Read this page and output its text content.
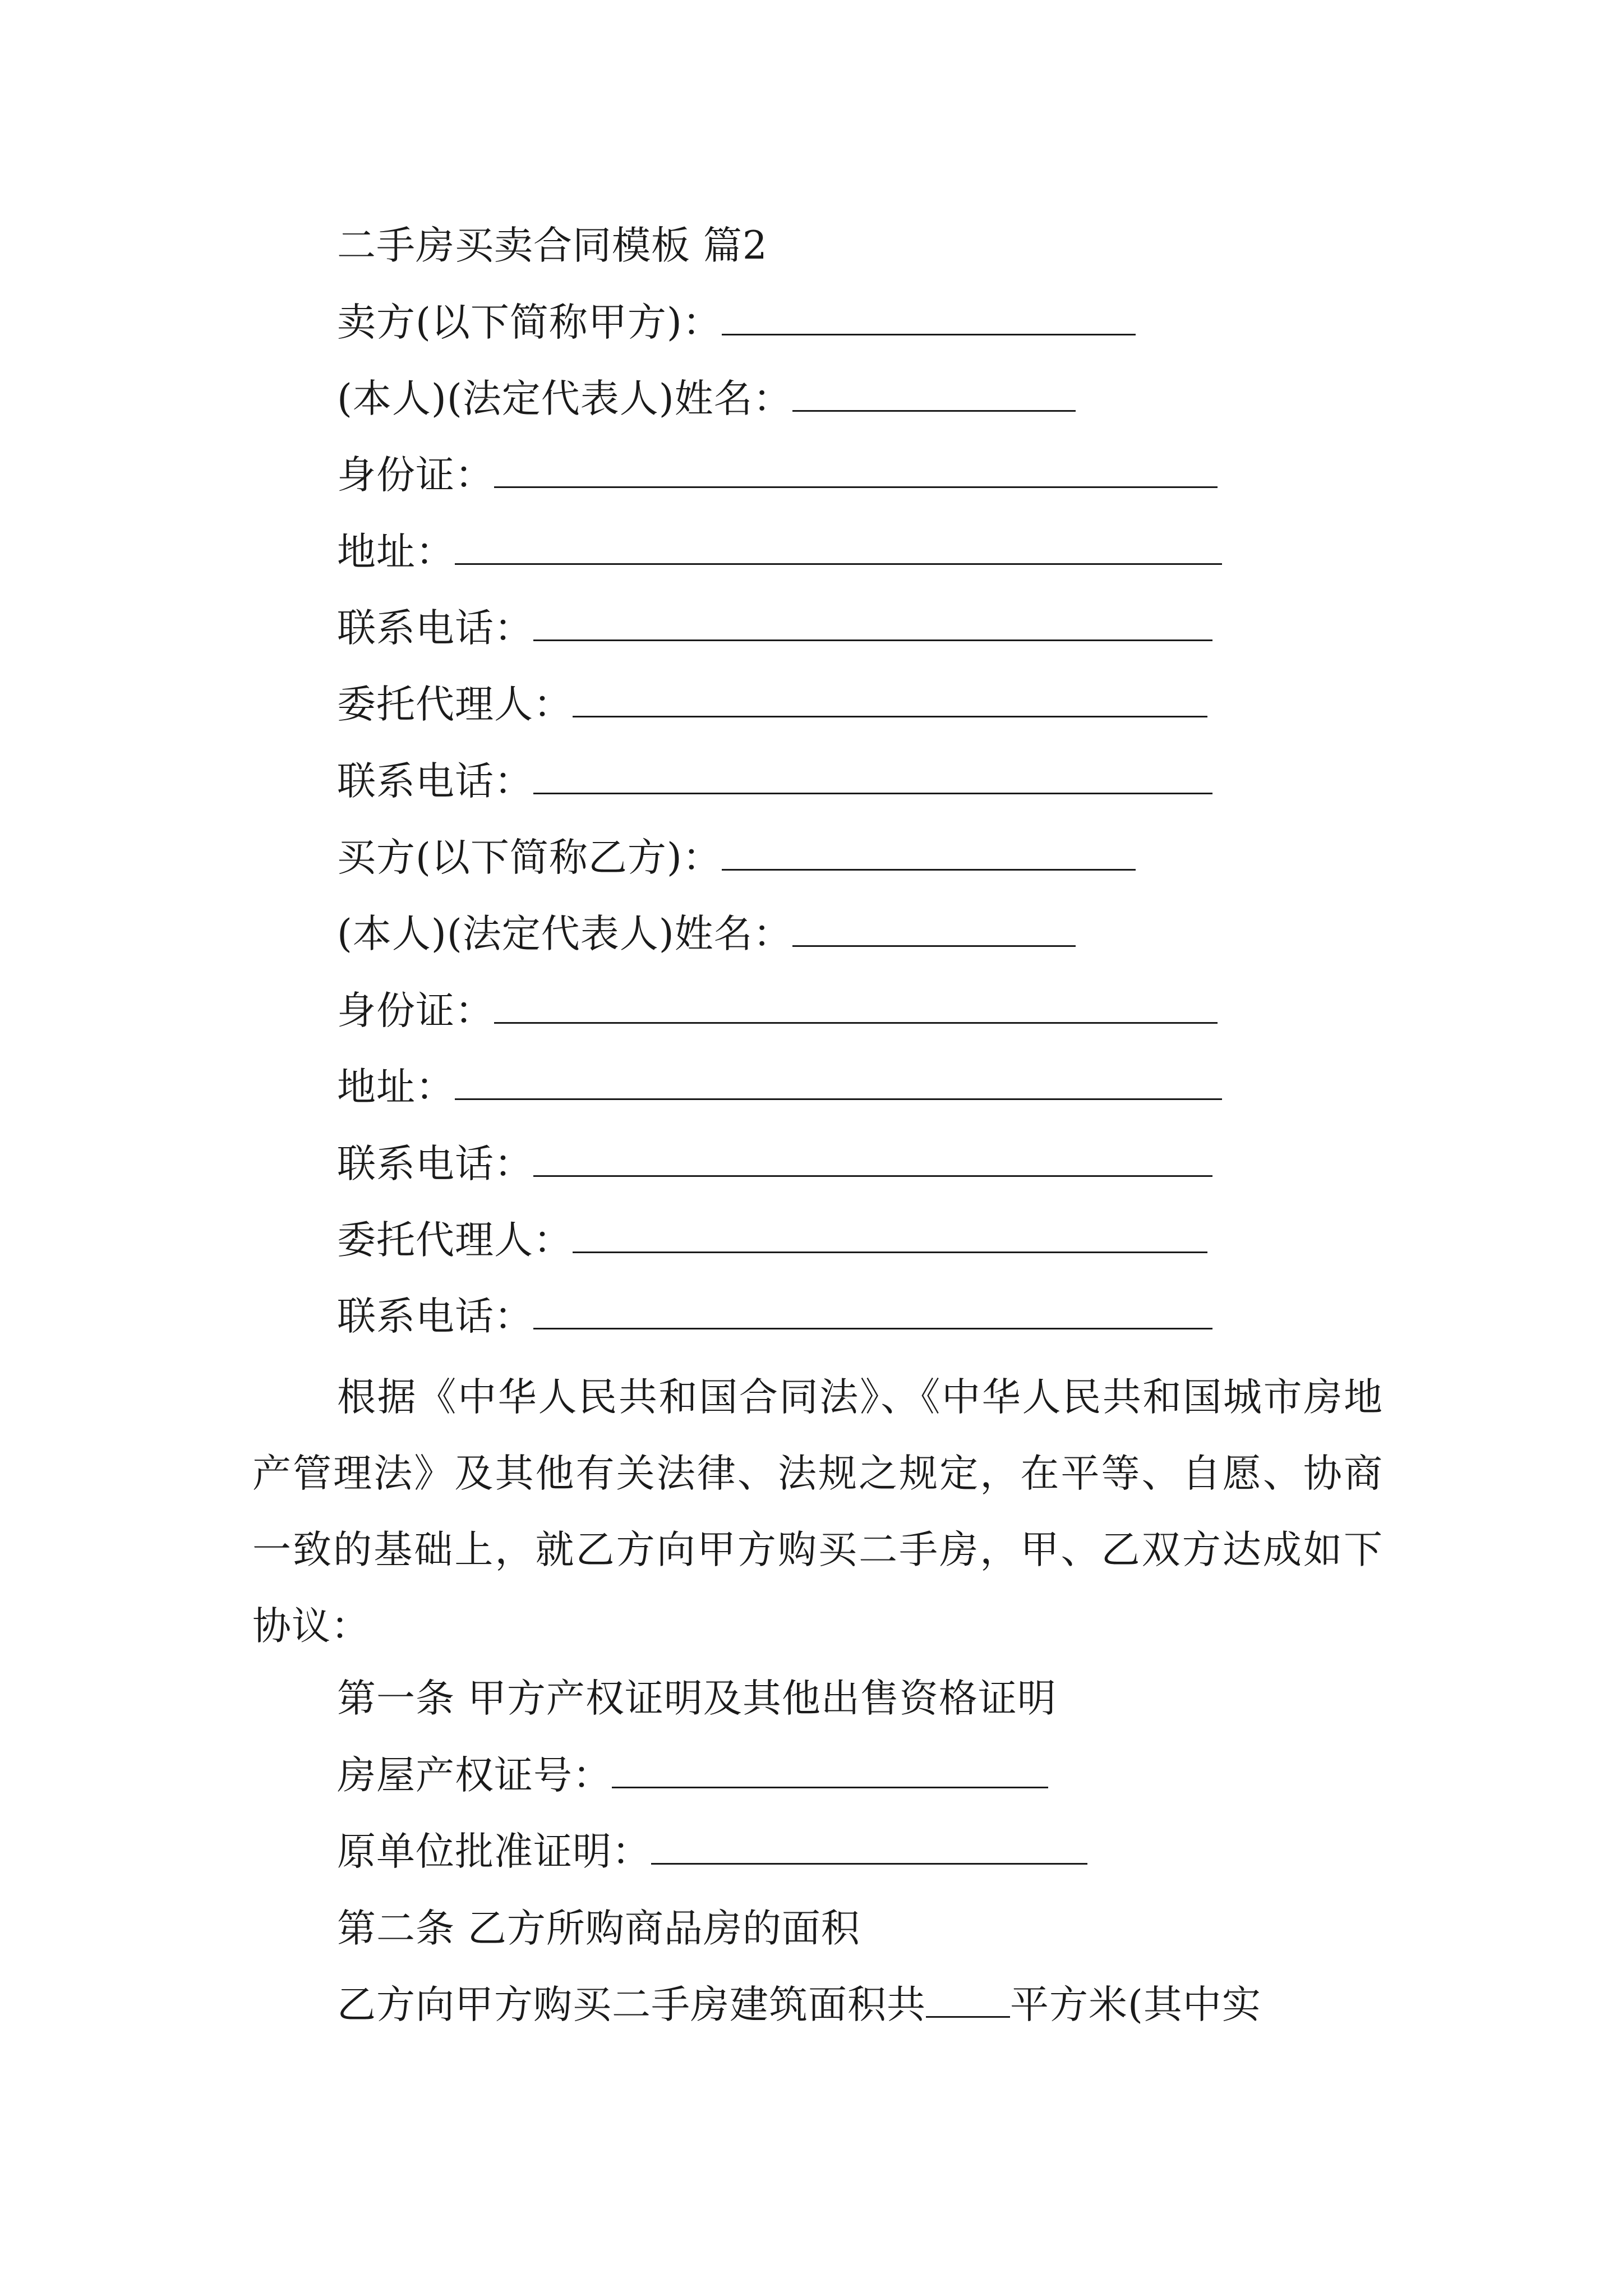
二手房买卖合同模板 篇2
卖方(以下简称甲方)：
(本人)(法定代表人)姓名：
身份证：
地址：
联系电话：
委托代理人：
联系电话：
买方(以下简称乙方)：
(本人)(法定代表人)姓名：
身份证：
地址：
联系电话：
委托代理人：
联系电话：
根据《中华人民共和国合同法》、《中华人民共和国城市房地产管理法》及其他有关法律、法规之规定，在平等、自愿、协商一致的基础上，就乙方向甲方购买二手房，甲、乙双方达成如下协议：
第一条 甲方产权证明及其他出售资格证明
房屋产权证号：
原单位批准证明：
第二条 乙方所购商品房的面积
乙方向甲方购买二手房建筑面积共 平方米(其中实
